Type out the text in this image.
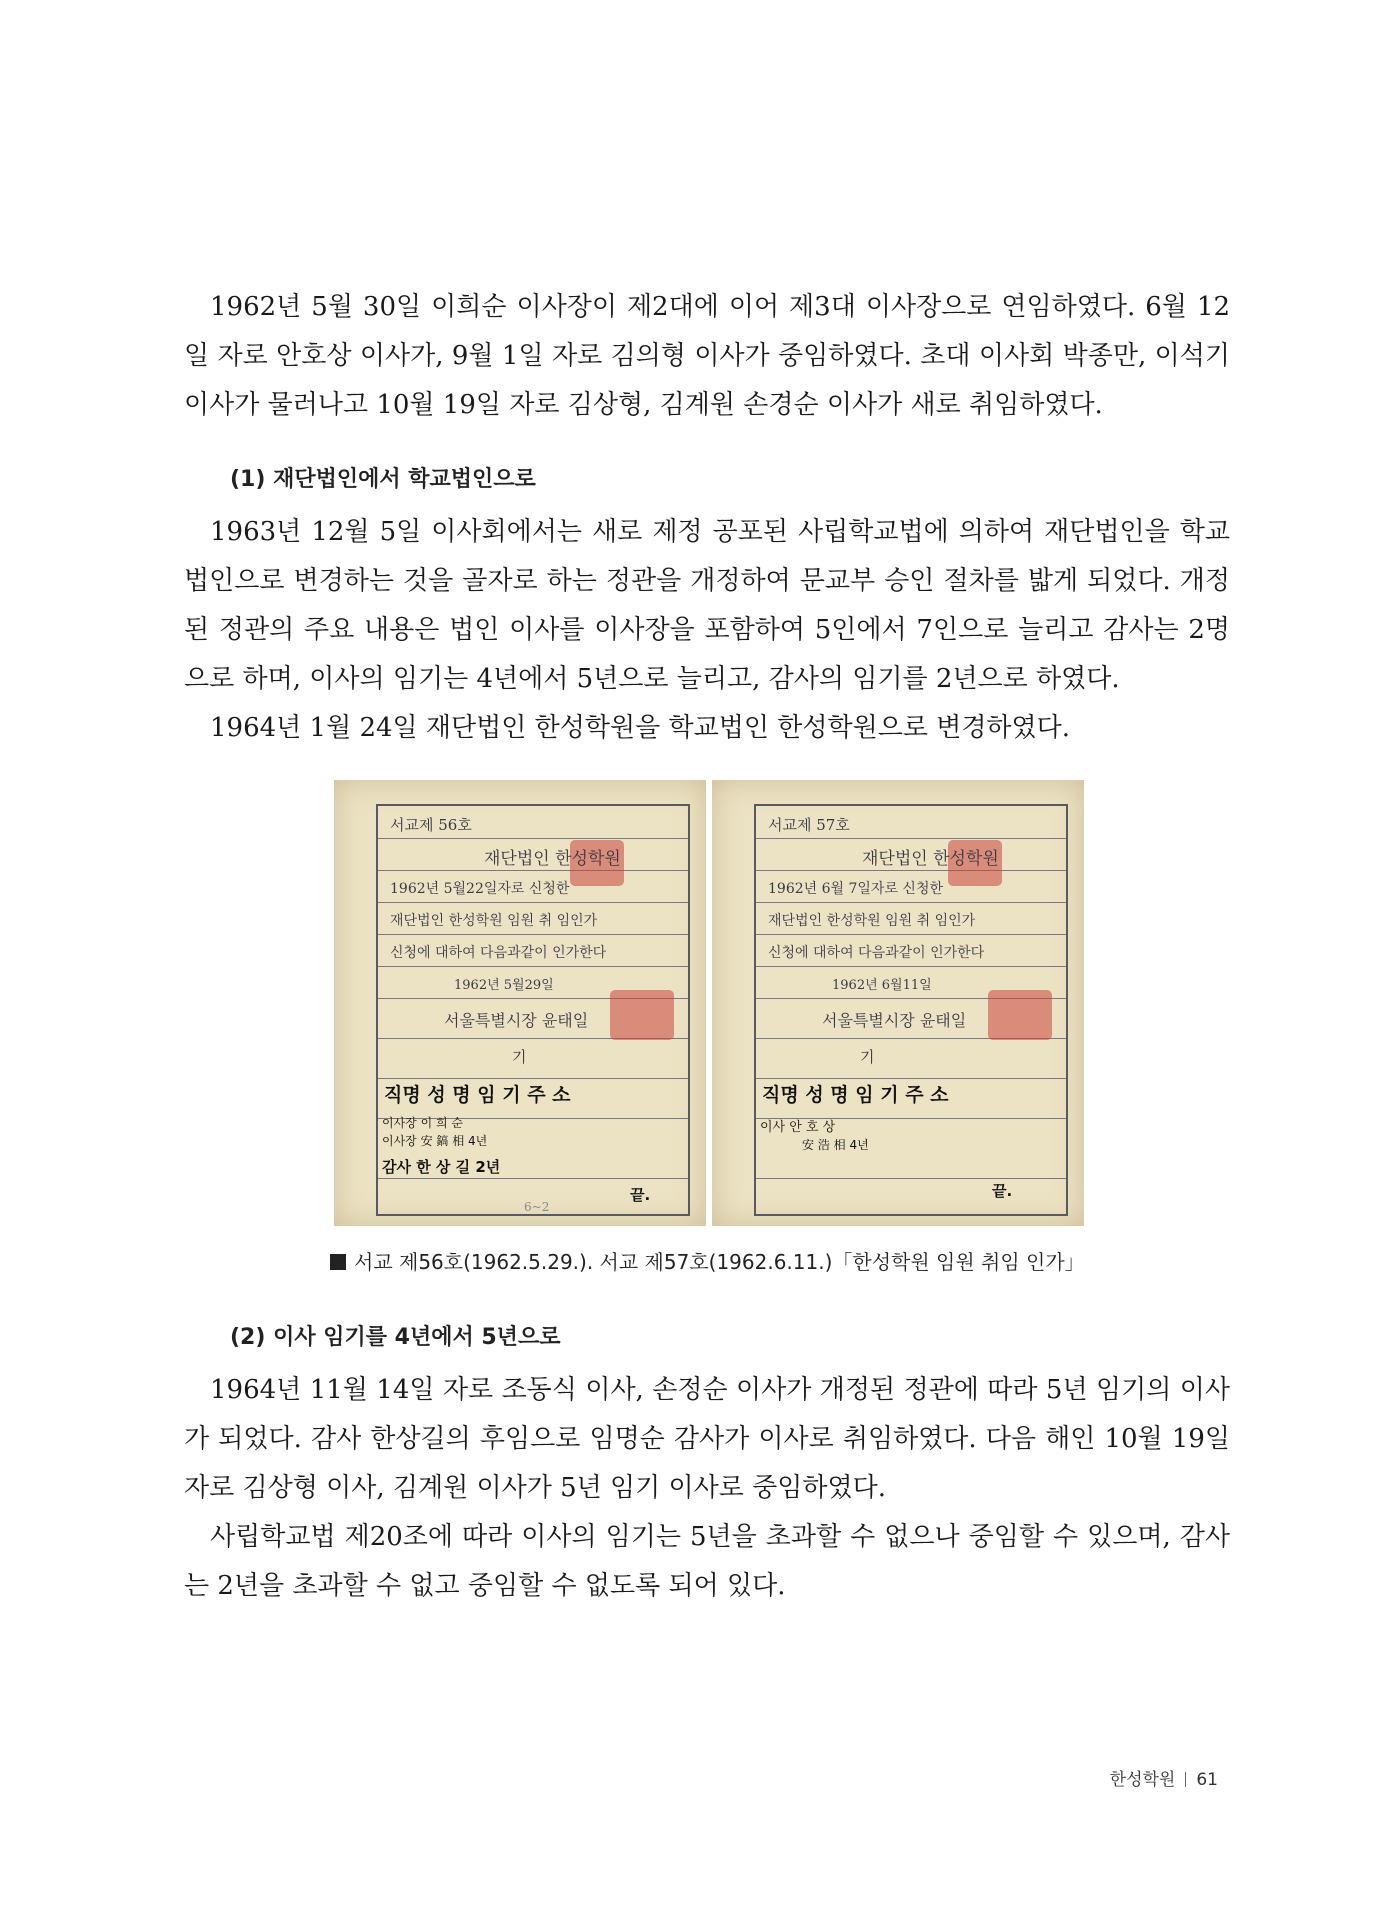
1962년 5월 30일 이희순 이사장이 제2대에 이어 제3대 이사장으로 연임하였다. 6월 12일 자로 안호상 이사가, 9월 1일 자로 김의형 이사가 중임하였다. 초대 이사회 박종만, 이석기 이사가 물러나고 10월 19일 자로 김상형, 김계원 손경순 이사가 새로 취임하였다.

(1) 재단법인에서 학교법인으로

1963년 12월 5일 이사회에서는 새로 제정 공포된 사립학교법에 의하여 재단법인을 학교법인으로 변경하는 것을 골자로 하는 정관을 개정하여 문교부 승인 절차를 밟게 되었다. 개정된 정관의 주요 내용은 법인 이사를 이사장을 포함하여 5인에서 7인으로 늘리고 감사는 2명으로 하며, 이사의 임기는 4년에서 5년으로 늘리고, 감사의 임기를 2년으로 하였다.

1964년 1월 24일 재단법인 한성학원을 학교법인 한성학원으로 변경하였다.

서교제 56호
재단법인 한성학원
1962년 5월22일자로 신청한
재단법인 한성학원 임원 취 임인가
신청에 대하여 다음과같이 인가한다
1962년 5월29일
서울특별시장 윤태일
기
직명 성 명 임 기 주 소
이사장 이 희 순
이사장 安 鎬 相 4년
감사 한 상 길 2년
끝.
6~2
서교제 57호
재단법인 한성학원
1962년 6월 7일자로 신청한
재단법인 한성학원 임원 취 임인가
신청에 대하여 다음과같이 인가한다
1962년 6월11일
서울특별시장 윤태일
기
직명 성 명 임 기 주 소
이사 안 호 상
安 浩 相 4년
끝.
서교 제56호(1962.5.29.). 서교 제57호(1962.6.11.)「한성학원 임원 취임 인가」
(2) 이사 임기를 4년에서 5년으로

1964년 11월 14일 자로 조동식 이사, 손정순 이사가 개정된 정관에 따라 5년 임기의 이사가 되었다. 감사 한상길의 후임으로 임명순 감사가 이사로 취임하였다. 다음 해인 10월 19일 자로 김상형 이사, 김계원 이사가 5년 임기 이사로 중임하였다.

사립학교법 제20조에 따라 이사의 임기는 5년을 초과할 수 없으나 중임할 수 있으며, 감사는 2년을 초과할 수 없고 중임할 수 없도록 되어 있다.

한성학원 61
